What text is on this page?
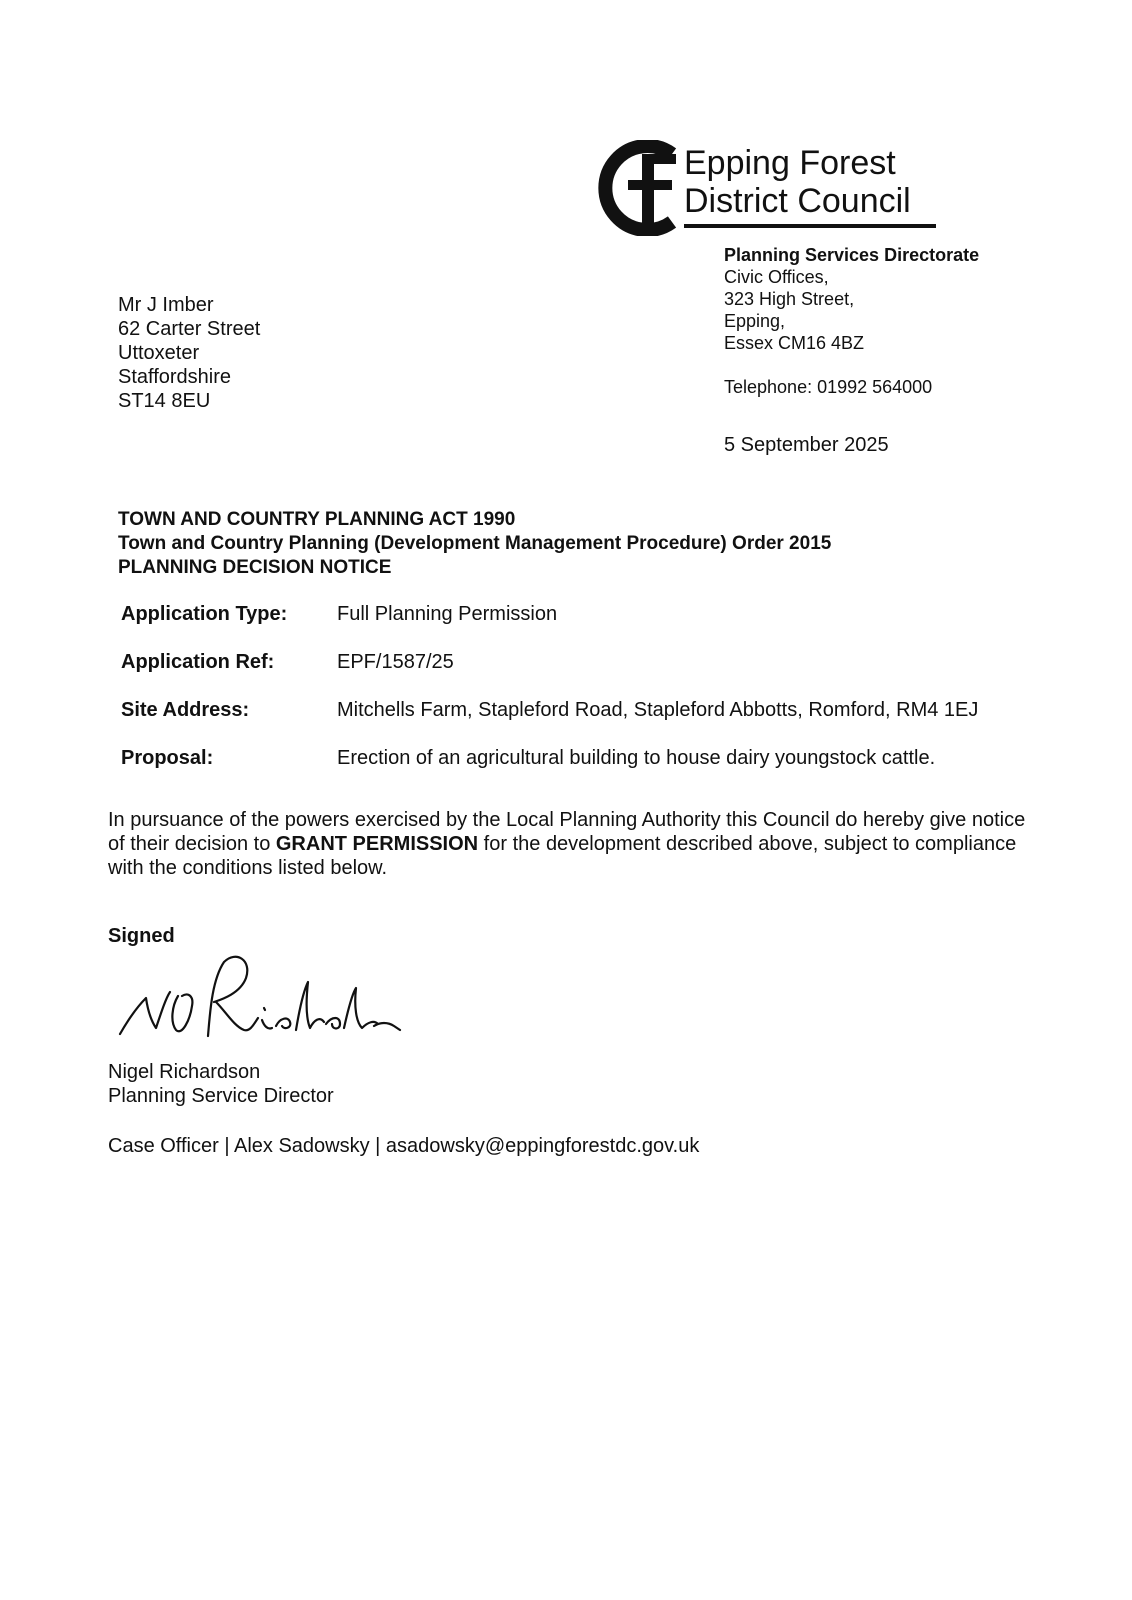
Epping Forest
District Council
Planning Services Directorate
Civic Offices,
323 High Street,
Epping,
Essex CM16 4BZ
Telephone: 01992 564000
5 September 2025
Mr J Imber
62 Carter Street
Uttoxeter
Staffordshire
ST14 8EU
TOWN AND COUNTRY PLANNING ACT 1990
Town and Country Planning (Development Management Procedure) Order 2015
PLANNING DECISION NOTICE
Application Type: Full Planning Permission
Application Ref:	EPF/1587/25
Site Address:	Mitchells Farm, Stapleford Road, Stapleford Abbotts, Romford, RM4 1EJ
Proposal:	Erection of an agricultural building to house dairy youngstock cattle.
In pursuance of the powers exercised by the Local Planning Authority this Council do hereby give notice of their decision to GRANT PERMISSION for the development described above, subject to compliance with the conditions listed below.
Signed
Nigel Richardson
Planning Service Director
Case Officer | Alex Sadowsky | asadowsky@eppingforestdc.gov.uk
